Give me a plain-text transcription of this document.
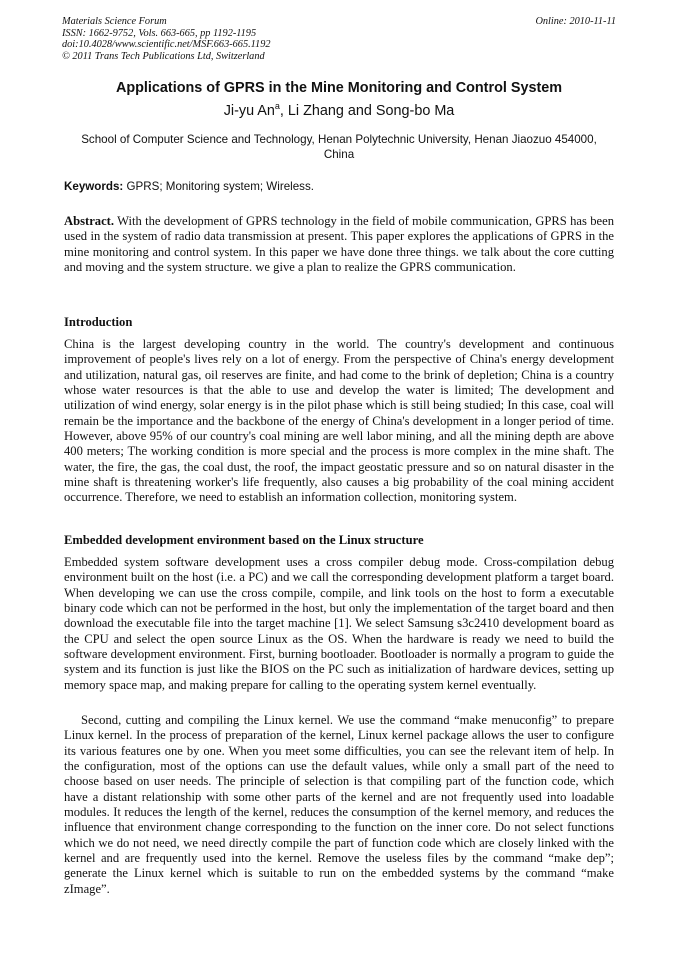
Materials Science Forum
ISSN: 1662-9752, Vols. 663-665, pp 1192-1195
doi:10.4028/www.scientific.net/MSF.663-665.1192
© 2011 Trans Tech Publications Ltd, Switzerland
Online: 2010-11-11
Applications of GPRS in the Mine Monitoring and Control System
Ji-yu An$^a$, Li Zhang and Song-bo Ma
School of Computer Science and Technology, Henan Polytechnic University, Henan Jiaozuo 454000, China
Keywords: GPRS; Monitoring system; Wireless.
Abstract. With the development of GPRS technology in the field of mobile communication, GPRS has been used in the system of radio data transmission at present. This paper explores the applications of GPRS in the mine monitoring and control system. In this paper we have done three things. we talk about the core cutting and moving and the system structure. we give a plan to realize the GPRS communication.
Introduction
China is the largest developing country in the world. The country's development and continuous improvement of people's lives rely on a lot of energy. From the perspective of China's energy development and utilization, natural gas, oil reserves are finite, and had come to the brink of depletion; China is a country whose water resources is that the able to use and develop the water is limited; The development and utilization of wind energy, solar energy is in the pilot phase which is still being studied; In this case, coal will remain be the importance and the backbone of the energy of China's development in a longer period of time. However, above 95% of our country's coal mining are well labor mining, and all the mining depth are above 400 meters; The working condition is more special and the process is more complex in the mine shaft. The water, the fire, the gas, the coal dust, the roof, the impact geostatic pressure and so on natural disaster in the mine shaft is threatening worker's life frequently, also causes a big probability of the coal mining accident occurrence. Therefore, we need to establish an information collection, monitoring system.
Embedded development environment based on the Linux structure
Embedded system software development uses a cross compiler debug mode. Cross-compilation debug environment built on the host (i.e. a PC) and we call the corresponding development platform a target board. When developing we can use the cross compile, compile, and link tools on the host to form a executable binary code which can not be performed in the host, but only the implementation of the target board and then download the executable file into the target machine [1]. We select Samsung s3c2410 development board as the CPU and select the open source Linux as the OS. When the hardware is ready we need to build the software development environment. First, burning bootloader. Bootloader is normally a program to guide the system and its function is just like the BIOS on the PC such as initialization of hardware devices, setting up memory space map, and making prepare for calling to the operating system kernel eventually.
Second, cutting and compiling the Linux kernel. We use the command “make menuconfig” to prepare Linux kernel. In the process of preparation of the kernel, Linux kernel package allows the user to configure its various features one by one. When you meet some difficulties, you can see the relevant item of help. In the configuration, most of the options can use the default values, while only a small part of the need to choose based on user needs. The principle of selection is that compiling part of the function code, which have a distant relationship with some other parts of the kernel and are not frequently used into loadable modules. It reduces the length of the kernel, reduces the consumption of the kernel memory, and reduces the influence that environment change corresponding to the function on the inner core. Do not select functions which we do not need, we need directly compile the part of function code which are closely linked with the kernel and are frequently used into the kernel. Remove the useless files by the command “make dep”; generate the Linux kernel which is suitable to run on the embedded systems by the command “make zImage”.
